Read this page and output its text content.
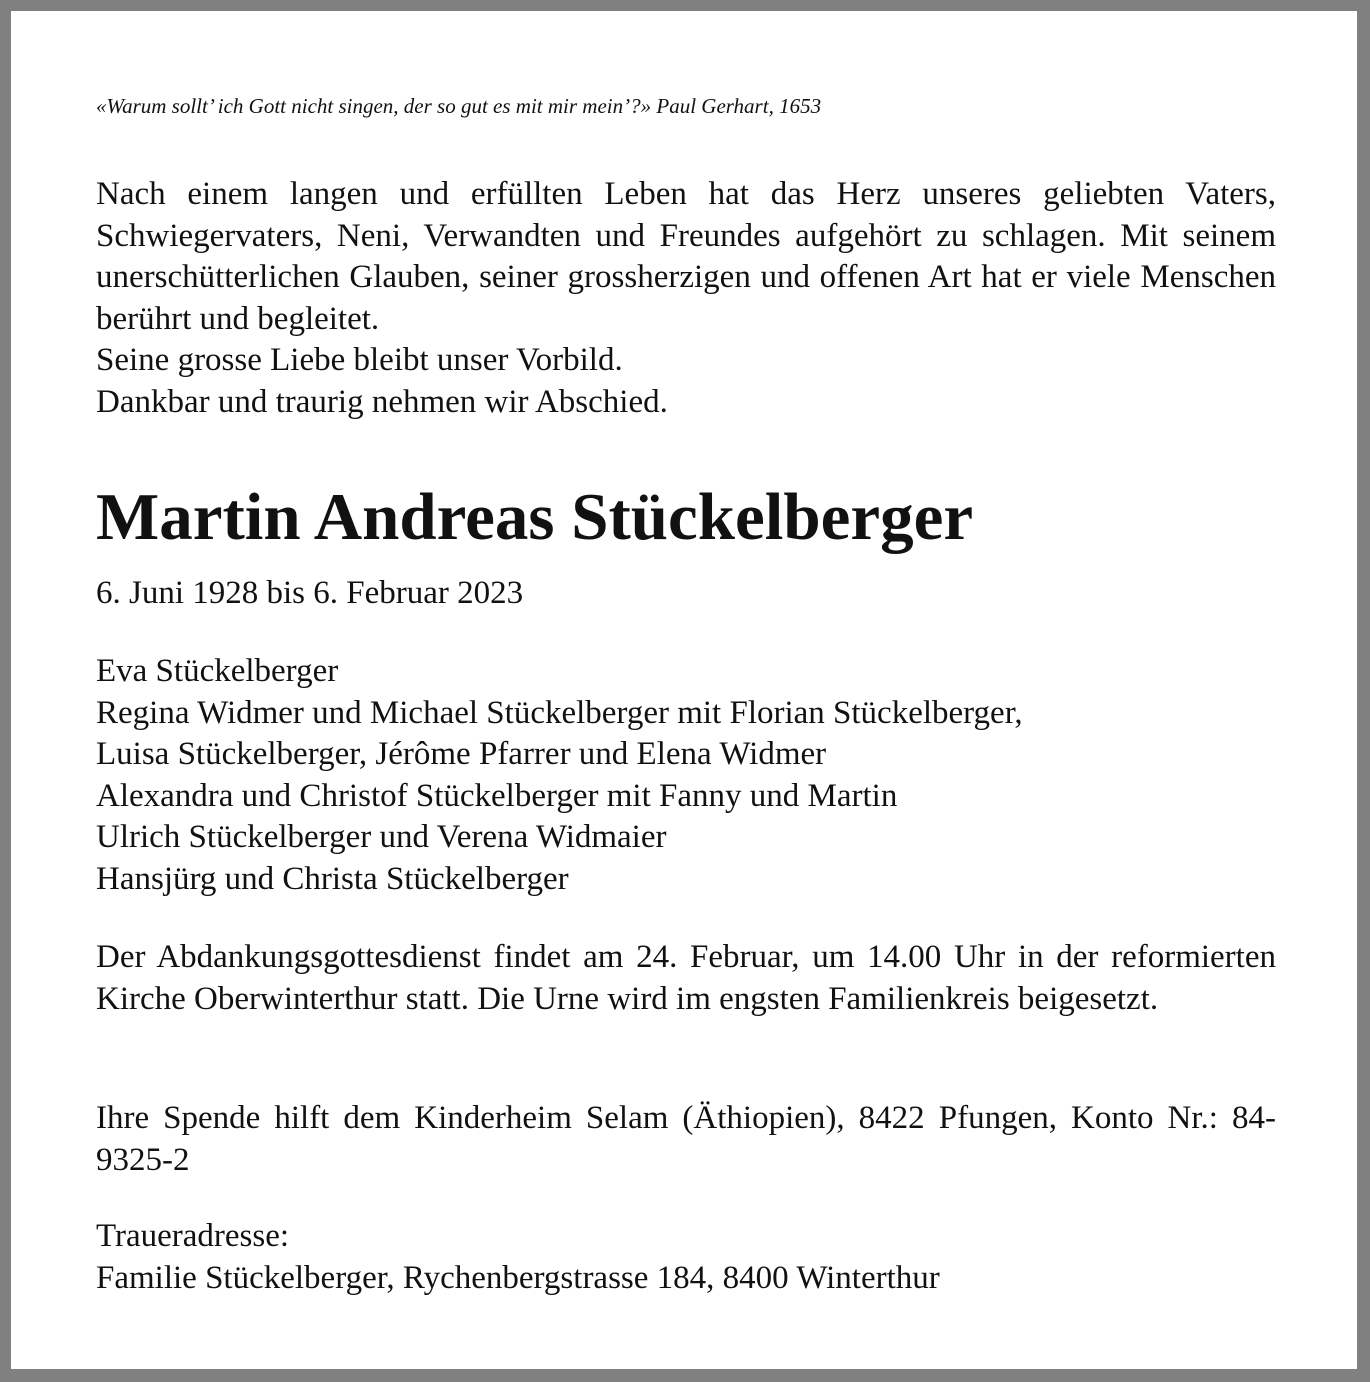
«Warum sollt’ ich Gott nicht singen, der so gut es mit mir mein’?» Paul Gerhart, 1653

Nach einem langen und erfüllten Leben hat das Herz unseres geliebten Vaters, Schwiegervaters, Neni, Verwandten und Freundes aufgehört zu schlagen. Mit seinem unerschütterlichen Glauben, seiner grossherzigen und offenen Art hat er viele Menschen berührt und begleitet.

Seine grosse Liebe bleibt unser Vorbild.

Dankbar und traurig nehmen wir Abschied.

Martin Andreas Stückelberger
6. Juni 1928 bis 6. Februar 2023
Eva Stückelberger
Regina Widmer und Michael Stückelberger mit Florian Stückelberger,
Luisa Stückelberger, Jérôme Pfarrer und Elena Widmer
Alexandra und Christof Stückelberger mit Fanny und Martin
Ulrich Stückelberger und Verena Widmaier
Hansjürg und Christa Stückelberger
Der Abdankungsgottesdienst findet am 24. Februar, um 14.00 Uhr in der reformierten Kirche Oberwinterthur statt. Die Urne wird im engsten Familienkreis beigesetzt.
Ihre Spende hilft dem Kinderheim Selam (Äthiopien), 8422 Pfungen, Konto Nr.: 84-9325-2
Traueradresse:
Familie Stückelberger, Rychenbergstrasse 184, 8400 Winterthur
